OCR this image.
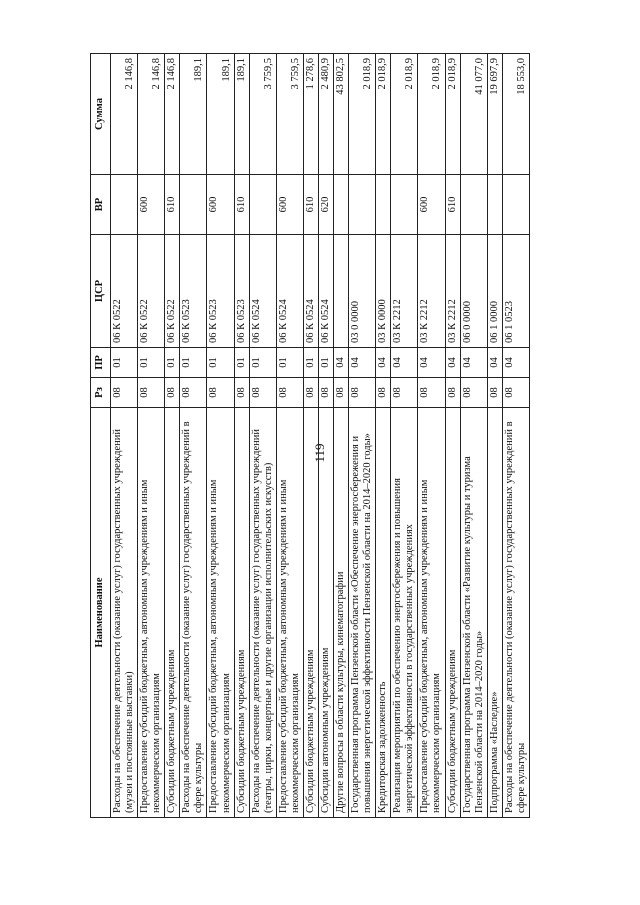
119
Наименование	Рз	ПР	ЦСР	ВР	Сумма
Расходы на обеспечение деятельности (оказание услуг) государственных учреждений (музеи и постоянные выставки)	08	01	06 К 0522		2 146,8
Предоставление субсидий бюджетным, автономным учреждениям и иным некоммерческим организациям	08	01	06 К 0522	600	2 146,8
Субсидии бюджетным учреждениям	08	01	06 К 0522	610	2 146,8
Расходы на обеспечение деятельности (оказание услуг) государственных учреждений в сфере культуры	08	01	06 К 0523		189,1
Предоставление субсидий бюджетным, автономным учреждениям и иным некоммерческим организациям	08	01	06 К 0523	600	189,1
Субсидии бюджетным учреждениям	08	01	06 К 0523	610	189,1
Расходы на обеспечение деятельности (оказание услуг) государственных учреждений (театры, цирки, концертные и другие организации исполнительских искусств)	08	01	06 К 0524		3 759,5
Предоставление субсидий бюджетным, автономным учреждениям и иным некоммерческим организациям	08	01	06 К 0524	600	3 759,5
Субсидии бюджетным учреждениям	08	01	06 К 0524	610	1 278,6
Субсидии автономным учреждениям	08	01	06 К 0524	620	2 480,9
Другие вопросы в области культуры, кинематографии	08	04			43 802,5
Государственная программа Пензенской области «Обеспечение энергосбережения и повышения энергетической эффективности Пензенской области на 2014–2020 годы»	08	04	03 0 0000		2 018,9
Кредиторская задолженность	08	04	03 К 0000		2 018,9
Реализация мероприятий по обеспечению энергосбережения и повышения энергетической эффективности в государственных учреждениях	08	04	03 К 2212		2 018,9
Предоставление субсидий бюджетным, автономным учреждениям и иным некоммерческим организациям	08	04	03 К 2212	600	2 018,9
Субсидии бюджетным учреждениям	08	04	03 К 2212	610	2 018,9
Государственная программа Пензенской области «Развитие культуры и туризма Пензенской области на 2014–2020 годы»	08	04	06 0 0000		41 077,0
Подпрограмма «Наследие»	08	04	06 1 0000		19 697,9
Расходы на обеспечение деятельности (оказание услуг) государственных учреждений в сфере культуры	08	04	06 1 0523		18 553,0
